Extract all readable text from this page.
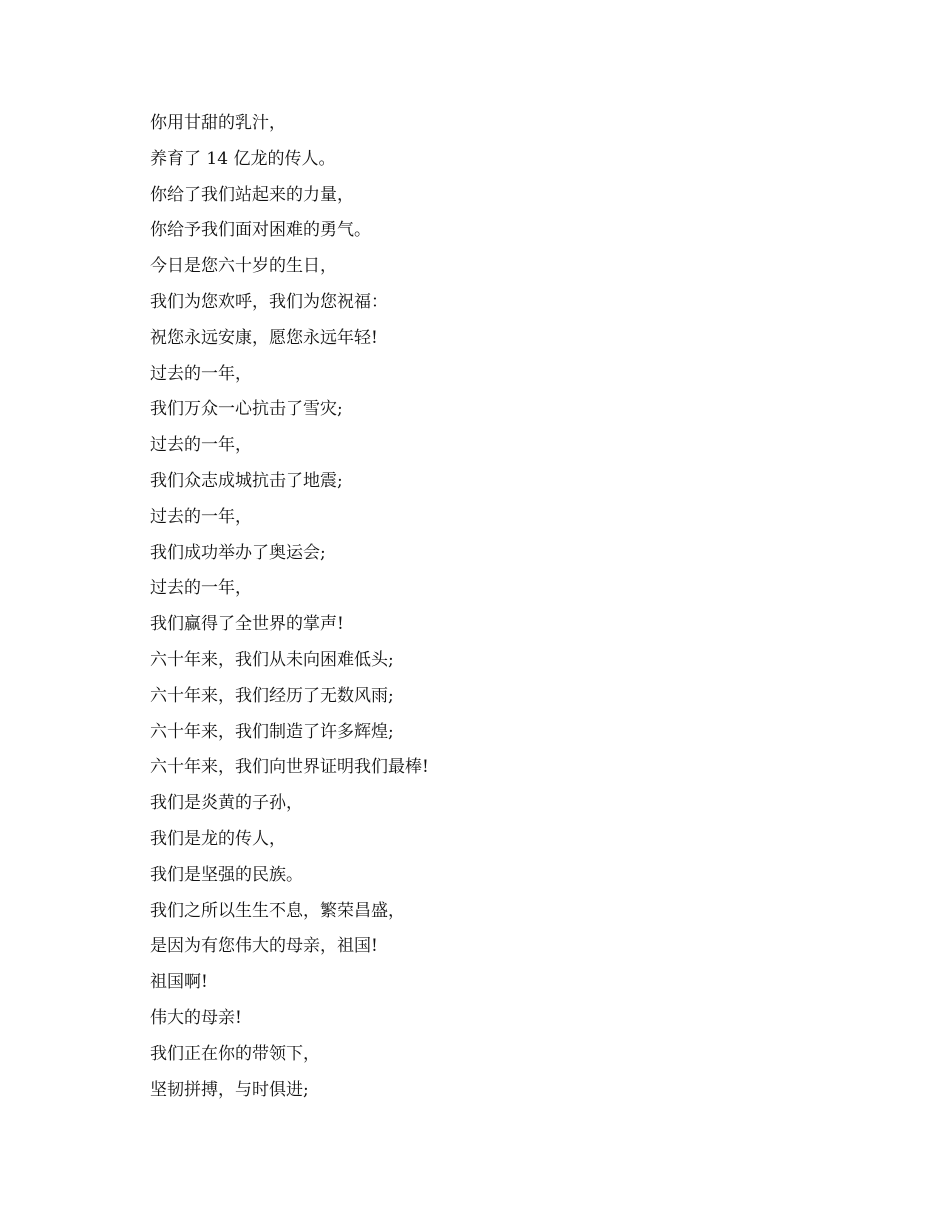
你用甘甜的乳汁，
养育了 14 亿龙的传人。
你给了我们站起来的力量，
你给予我们面对困难的勇气。
今日是您六十岁的生日，
我们为您欢呼，我们为您祝福：
祝您永远安康，愿您永远年轻!
过去的一年，
我们万众一心抗击了雪灾;
过去的一年，
我们众志成城抗击了地震;
过去的一年，
我们成功举办了奥运会;
过去的一年，
我们赢得了全世界的掌声!
六十年来，我们从未向困难低头;
六十年来，我们经历了无数风雨;
六十年来，我们制造了许多辉煌;
六十年来，我们向世界证明我们最棒!
我们是炎黄的子孙，
我们是龙的传人，
我们是坚强的民族。
我们之所以生生不息，繁荣昌盛，
是因为有您伟大的母亲，祖国!
祖国啊!
伟大的母亲!
我们正在你的带领下，
坚韧拼搏，与时俱进;
